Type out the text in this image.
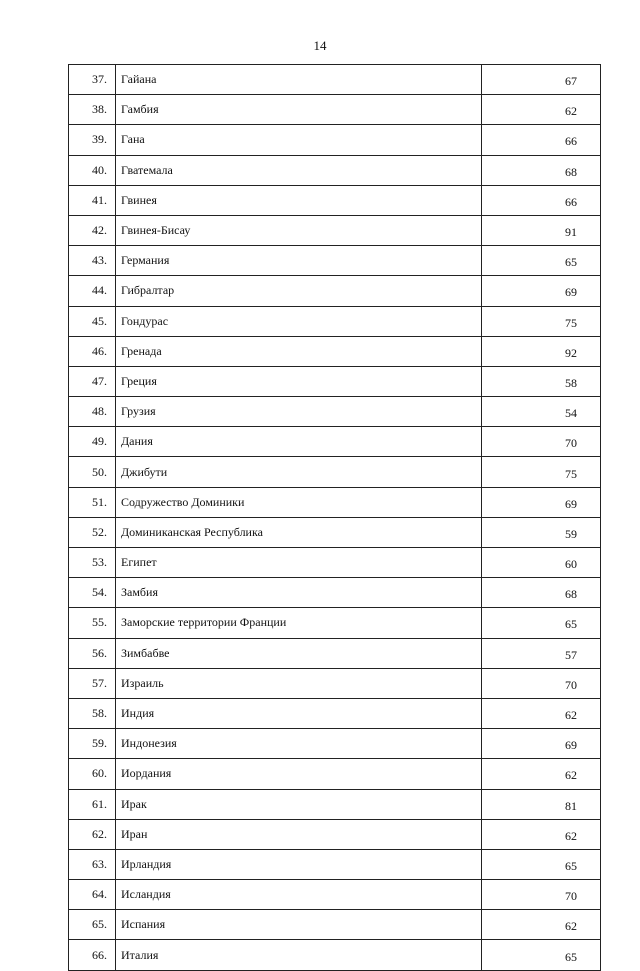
14
37.	Гайана	67
38.	Гамбия	62
39.	Гана	66
40.	Гватемала	68
41.	Гвинея	66
42.	Гвинея-Бисау	91
43.	Германия	65
44.	Гибралтар	69
45.	Гондурас	75
46.	Гренада	92
47.	Греция	58
48.	Грузия	54
49.	Дания	70
50.	Джибути	75
51.	Содружество Доминики	69
52.	Доминиканская Республика	59
53.	Египет	60
54.	Замбия	68
55.	Заморские территории Франции	65
56.	Зимбабве	57
57.	Израиль	70
58.	Индия	62
59.	Индонезия	69
60.	Иордания	62
61.	Ирак	81
62.	Иран	62
63.	Ирландия	65
64.	Исландия	70
65.	Испания	62
66.	Италия	65
